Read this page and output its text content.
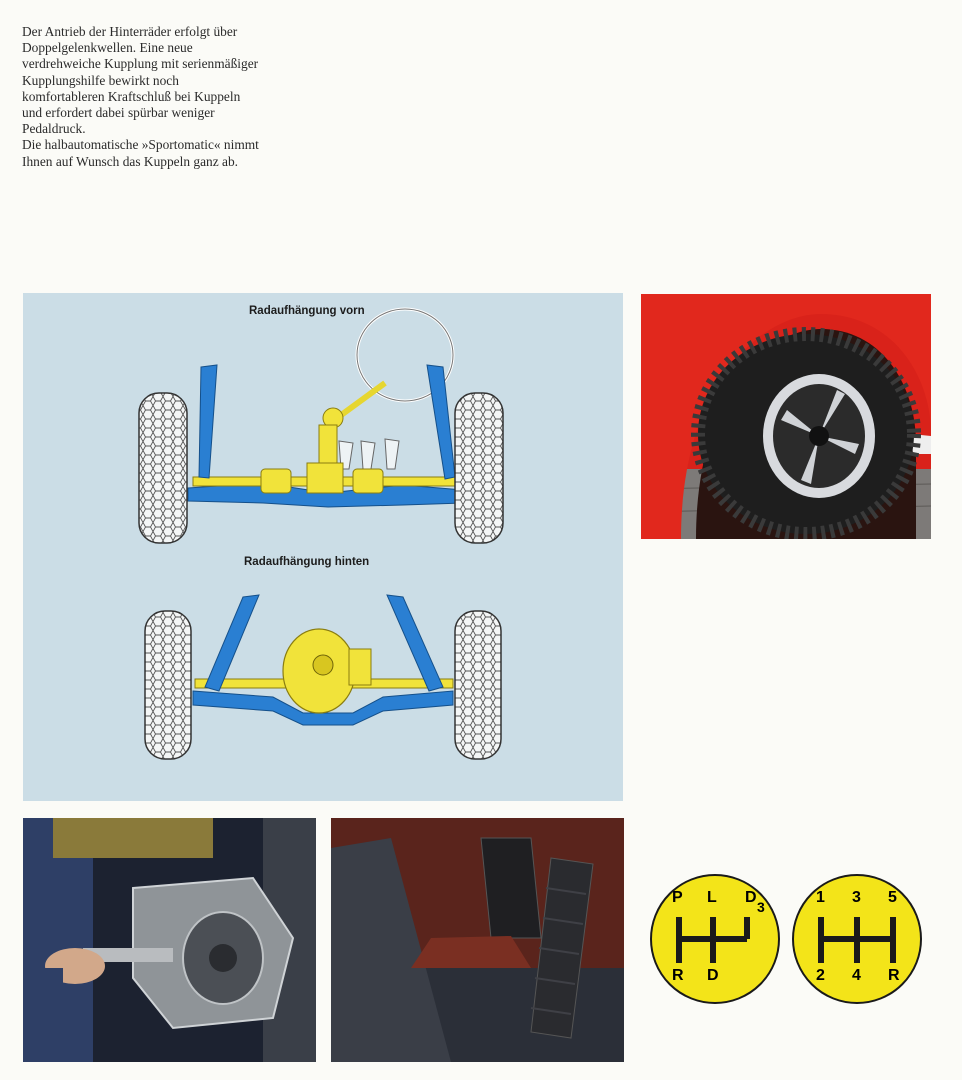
Der Antrieb der Hinterräder erfolgt über
Doppelgelenkwellen. Eine neue
verdrehweiche Kupplung mit serienmäßiger
Kupplungshilfe bewirkt noch
komfortableren Kraftschluß bei Kuppeln
und erfordert dabei spürbar weniger
Pedaldruck.
Die halbautomatische »Sportomatic« nimmt
Ihnen auf Wunsch das Kuppeln ganz ab.

Radaufhängung vorn
Radaufhängung hinten
P L D
3
R D
1 3 5
2 4 R
